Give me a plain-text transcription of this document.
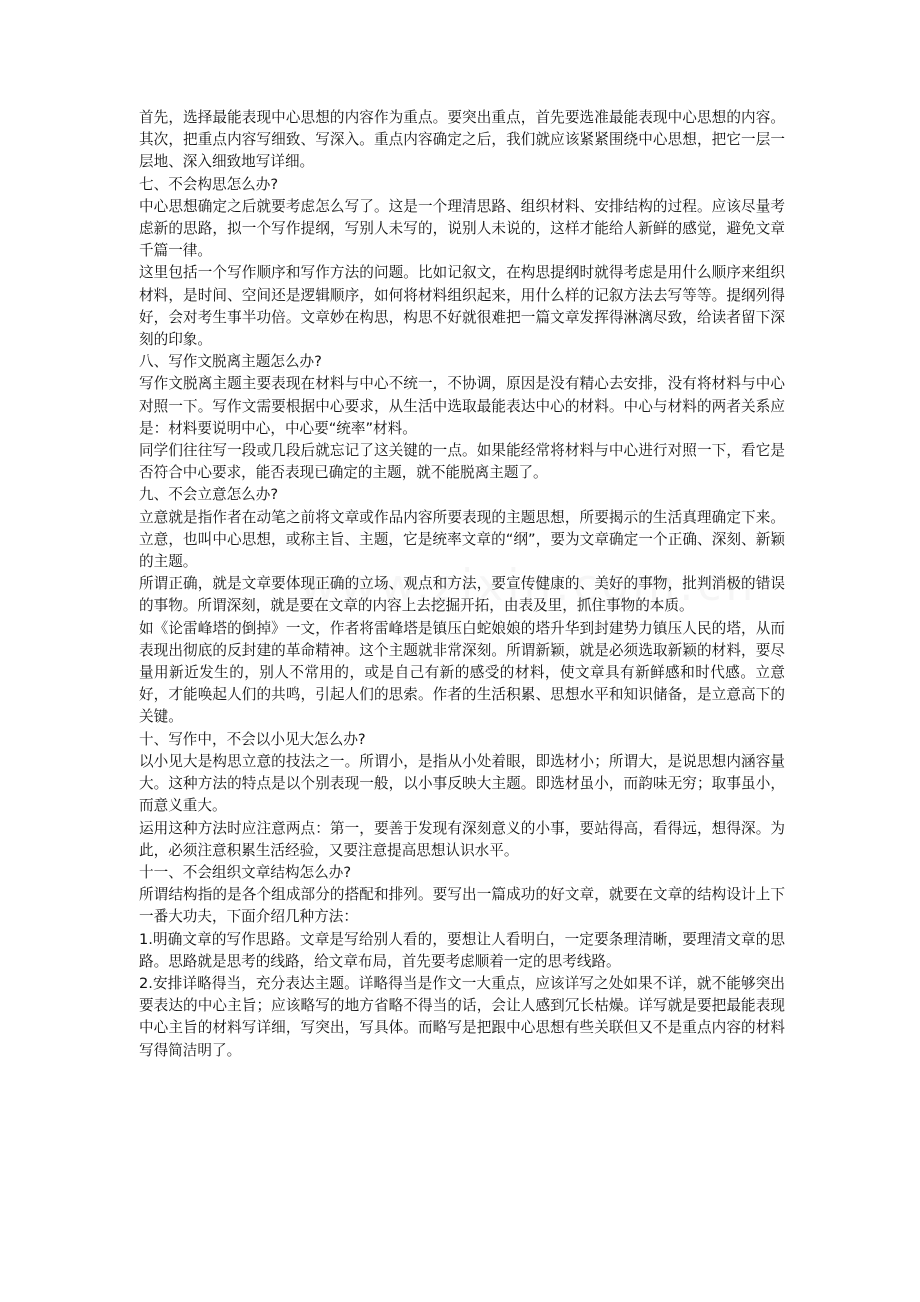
首先，选择最能表现中心思想的内容作为重点。要突出重点，首先要选准最能表现中心思想的内容。其次，把重点内容写细致、写深入。重点内容确定之后，我们就应该紧紧围绕中心思想，把它一层一层地、深入细致地写详细。

七、不会构思怎么办?

中心思想确定之后就要考虑怎么写了。这是一个理清思路、组织材料、安排结构的过程。应该尽量考虑新的思路，拟一个写作提纲，写别人未写的，说别人未说的，这样才能给人新鲜的感觉，避免文章千篇一律。

这里包括一个写作顺序和写作方法的问题。比如记叙文，在构思提纲时就得考虑是用什么顺序来组织材料，是时间、空间还是逻辑顺序，如何将材料组织起来，用什么样的记叙方法去写等等。提纲列得好，会对考生事半功倍。文章妙在构思，构思不好就很难把一篇文章发挥得淋漓尽致，给读者留下深刻的印象。

八、写作文脱离主题怎么办?

写作文脱离主题主要表现在材料与中心不统一，不协调，原因是没有精心去安排，没有将材料与中心对照一下。写作文需要根据中心要求，从生活中选取最能表达中心的材料。中心与材料的两者关系应是：材料要说明中心，中心要“统率”材料。

同学们往往写一段或几段后就忘记了这关键的一点。如果能经常将材料与中心进行对照一下，看它是否符合中心要求，能否表现已确定的主题，就不能脱离主题了。

九、不会立意怎么办?

立意就是指作者在动笔之前将文章或作品内容所要表现的主题思想，所要揭示的生活真理确定下来。立意，也叫中心思想，或称主旨、主题，它是统率文章的“纲”，要为文章确定一个正确、深刻、新颖的主题。

所谓正确，就是文章要体现正确的立场、观点和方法，要宣传健康的、美好的事物，批判消极的错误的事物。所谓深刻，就是要在文章的内容上去挖掘开拓，由表及里，抓住事物的本质。

如《论雷峰塔的倒掉》一文，作者将雷峰塔是镇压白蛇娘娘的塔升华到封建势力镇压人民的塔，从而表现出彻底的反封建的革命精神。这个主题就非常深刻。所谓新颖，就是必须选取新颖的材料，要尽量用新近发生的，别人不常用的，或是自己有新的感受的材料，使文章具有新鲜感和时代感。立意好，才能唤起人们的共鸣，引起人们的思索。作者的生活积累、思想水平和知识储备，是立意高下的关键。

十、写作中，不会以小见大怎么办?

以小见大是构思立意的技法之一。所谓小，是指从小处着眼，即选材小；所谓大，是说思想内涵容量大。这种方法的特点是以个别表现一般，以小事反映大主题。即选材虽小，而韵味无穷；取事虽小，而意义重大。

运用这种方法时应注意两点：第一，要善于发现有深刻意义的小事，要站得高，看得远，想得深。为此，必须注意积累生活经验，又要注意提高思想认识水平。

十一、不会组织文章结构怎么办?

所谓结构指的是各个组成部分的搭配和排列。要写出一篇成功的好文章，就要在文章的结构设计上下一番大功夫，下面介绍几种方法：

1.明确文章的写作思路。文章是写给别人看的，要想让人看明白，一定要条理清晰，要理清文章的思路。思路就是思考的线路，给文章布局，首先要考虑顺着一定的思考线路。

2.安排详略得当，充分表达主题。详略得当是作文一大重点，应该详写之处如果不详，就不能够突出要表达的中心主旨；应该略写的地方省略不得当的话，会让人感到冗长枯燥。详写就是要把最能表现中心主旨的材料写详细，写突出，写具体。而略写是把跟中心思想有些关联但又不是重点内容的材料写得简洁明了。
